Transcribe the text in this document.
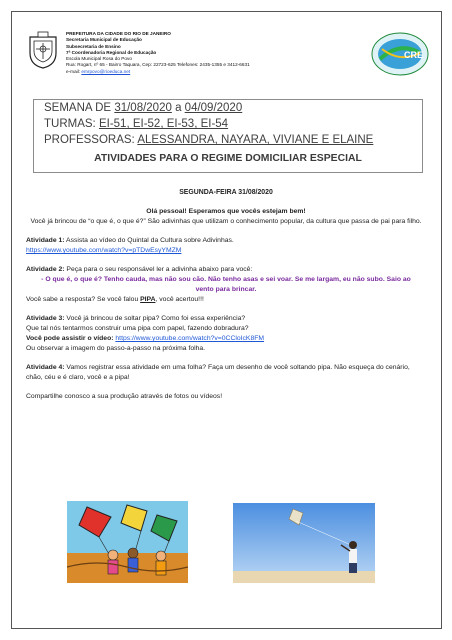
PREFEITURA DA CIDADE DO RIO DE JANEIRO
Secretaria Municipal de Educação
Subsecretaria de Ensino
7ª Coordenadoria Regional de Educação
Escola Municipal Rosa do Povo
Rua: Rogart, nº 65 - Bairro Taquara, Cep: 22723-625 Telefones: 2435-1355 e 3412-6631
e-mail: emrpovo@rioeduca.net
CRE
SEMANA DE 31/08/2020 a 04/09/2020
TURMAS: EI-51, EI-52, EI-53, EI-54
PROFESSORAS: ALESSANDRA, NAYARA, VIVIANE E ELAINE
ATIVIDADES PARA O REGIME DOMICILIAR ESPECIAL
SEGUNDA-FEIRA 31/08/2020
Olá pessoal! Esperamos que vocês estejam bem!
Você já brincou de “o que é, o que é?” São adivinhas que utilizam o conhecimento popular, da cultura que passa de pai para filho.
Atividade 1: Assista ao vídeo do Quintal da Cultura sobre Adivinhas.
https://www.youtube.com/watch?v=pTDwEsyYMZM
Atividade 2: Peça para o seu responsável ler a adivinha abaixo para você:
- O que é, o que é? Tenho cauda, mas não sou cão. Não tenho asas e sei voar. Se me largam, eu não subo. Saio ao vento para brincar.
Você sabe a resposta? Se você falou PIPA, você acertou!!!
Atividade 3: Você já brincou de soltar pipa? Como foi essa experiência?
Que tal nós tentarmos construir uma pipa com papel, fazendo dobradura?
Você pode assistir o vídeo: https://www.youtube.com/watch?v=0CCloIcK8FM
Ou observar a imagem do passo-a-passo na próxima folha.
Atividade 4: Vamos registrar essa atividade em uma folha? Faça um desenho de você soltando pipa. Não esqueça do cenário, chão, céu e é claro, você e a pipa!
Compartilhe conosco a sua produção através de fotos ou vídeos!
